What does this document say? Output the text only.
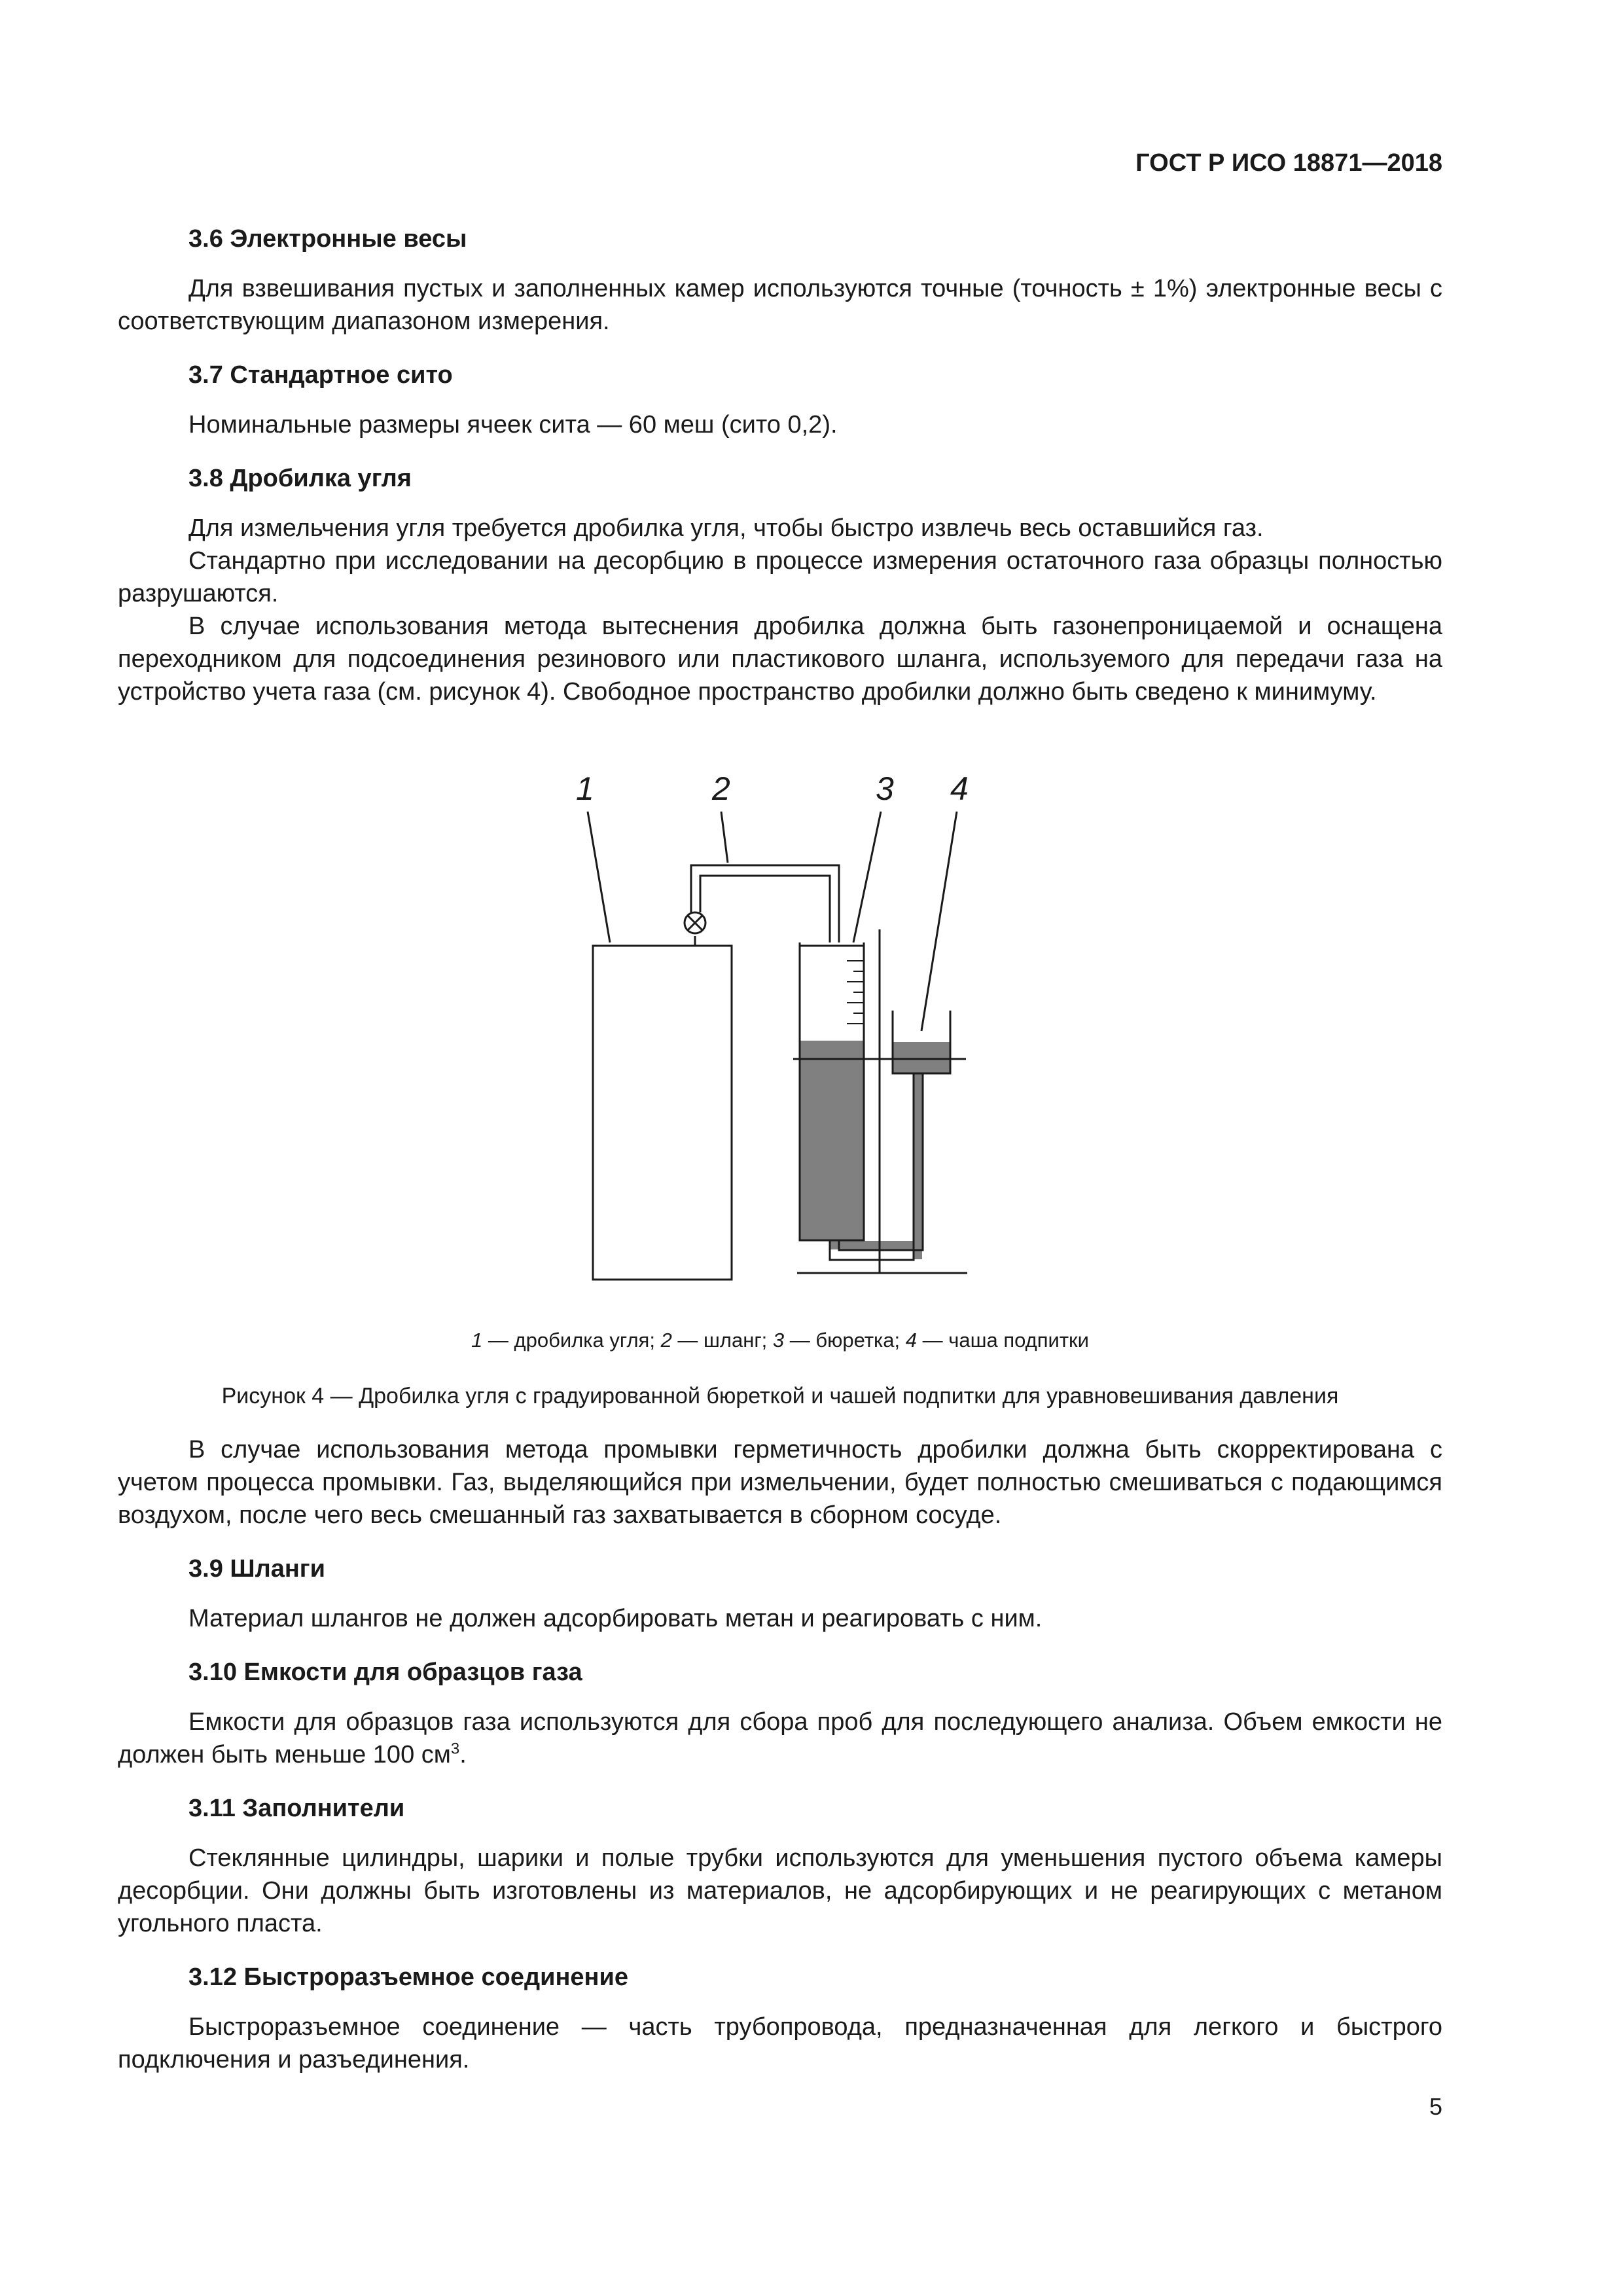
ГОСТ Р ИСО 18871—2018
3.6 Электронные весы

Для взвешивания пустых и заполненных камер используются точные (точность ± 1%) электронные весы с соответствующим диапазоном измерения.

3.7 Стандартное сито

Номинальные размеры ячеек сита — 60 меш (сито 0,2).

3.8 Дробилка угля

Для измельчения угля требуется дробилка угля, чтобы быстро извлечь весь оставшийся газ.

Стандартно при исследовании на десорбцию в процессе измерения остаточного газа образцы полностью разрушаются.

В случае использования метода вытеснения дробилка должна быть газонепроницаемой и оснащена переходником для подсоединения резинового или пластикового шланга, используемого для передачи газа на устройство учета газа (см. рисунок 4). Свободное пространство дробилки должно быть сведено к минимуму.

1	2	3 4
1 — дробилка угля; 2 — шланг; 3 — бюретка; 4 — чаша подпитки
Рисунок 4 — Дробилка угля с градуированной бюреткой и чашей подпитки для уравновешивания давления

В случае использования метода промывки герметичность дробилки должна быть скорректирована с учетом процесса промывки. Газ, выделяющийся при измельчении, будет полностью смешиваться с подающимся воздухом, после чего весь смешанный газ захватывается в сборном сосуде.

3.9 Шланги

Материал шлангов не должен адсорбировать метан и реагировать с ним.

3.10 Емкости для образцов газа

Емкости для образцов газа используются для сбора проб для последующего анализа. Объем емкости не должен быть меньше 100 $см^3$.

3.11 Заполнители

Стеклянные цилиндры, шарики и полые трубки используются для уменьшения пустого объема камеры десорбции. Они должны быть изготовлены из материалов, не адсорбирующих и не реагирующих с метаном угольного пласта.

3.12 Быстроразъемное соединение

Быстроразъемное соединение — часть трубопровода, предназначенная для легкого и быстрого подключения и разъединения.

5
